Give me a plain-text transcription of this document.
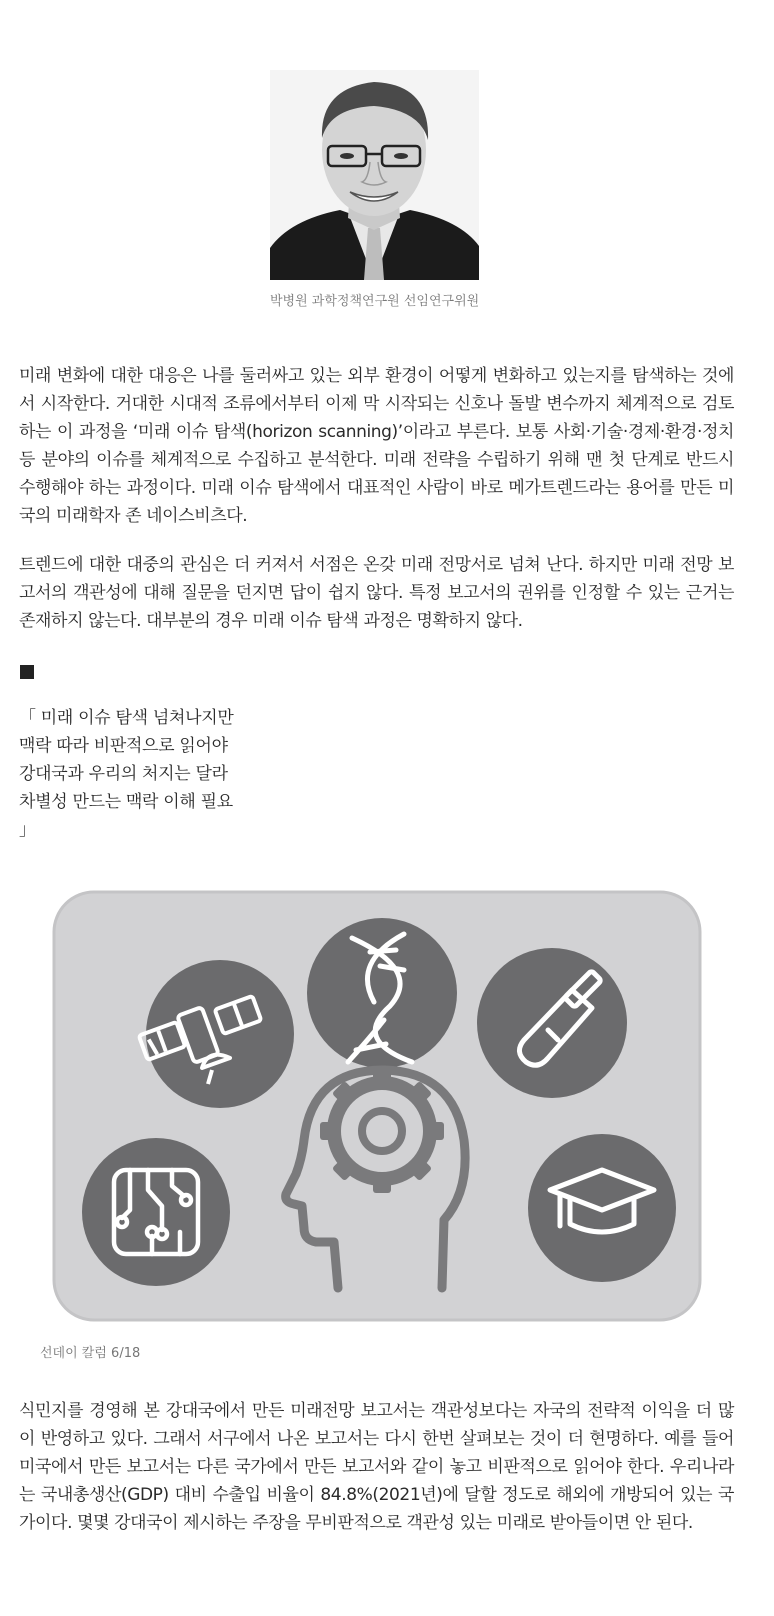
박병원 과학정책연구원 선임연구위원

미래 변화에 대한 대응은 나를 둘러싸고 있는 외부 환경이 어떻게 변화하고 있는지를 탐색하는 것에서 시작한다. 거대한 시대적 조류에서부터 이제 막 시작되는 신호나 돌발 변수까지 체계적으로 검토하는 이 과정을 ‘미래 이슈 탐색(horizon scanning)’이라고 부른다. 보통 사회·기술·경제·환경·정치 등 분야의 이슈를 체계적으로 수집하고 분석한다. 미래 전략을 수립하기 위해 맨 첫 단계로 반드시 수행해야 하는 과정이다. 미래 이슈 탐색에서 대표적인 사람이 바로 메가트렌드라는 용어를 만든 미국의 미래학자 존 네이스비츠다.

트렌드에 대한 대중의 관심은 더 커져서 서점은 온갖 미래 전망서로 넘쳐 난다. 하지만 미래 전망 보고서의 객관성에 대해 질문을 던지면 답이 쉽지 않다. 특정 보고서의 권위를 인정할 수 있는 근거는 존재하지 않는다. 대부분의 경우 미래 이슈 탐색 과정은 명확하지 않다.

「 미래 이슈 탐색 넘쳐나지만
맥락 따라 비판적으로 읽어야
강대국과 우리의 처지는 달라
차별성 만드는 맥락 이해 필요
」
선데이 칼럼 6/18

식민지를 경영해 본 강대국에서 만든 미래전망 보고서는 객관성보다는 자국의 전략적 이익을 더 많이 반영하고 있다. 그래서 서구에서 나온 보고서는 다시 한번 살펴보는 것이 더 현명하다. 예를 들어 미국에서 만든 보고서는 다른 국가에서 만든 보고서와 같이 놓고 비판적으로 읽어야 한다. 우리나라는 국내총생산(GDP) 대비 수출입 비율이 84.8%(2021년)에 달할 정도로 해외에 개방되어 있는 국가이다. 몇몇 강대국이 제시하는 주장을 무비판적으로 객관성 있는 미래로 받아들이면 안 된다.
